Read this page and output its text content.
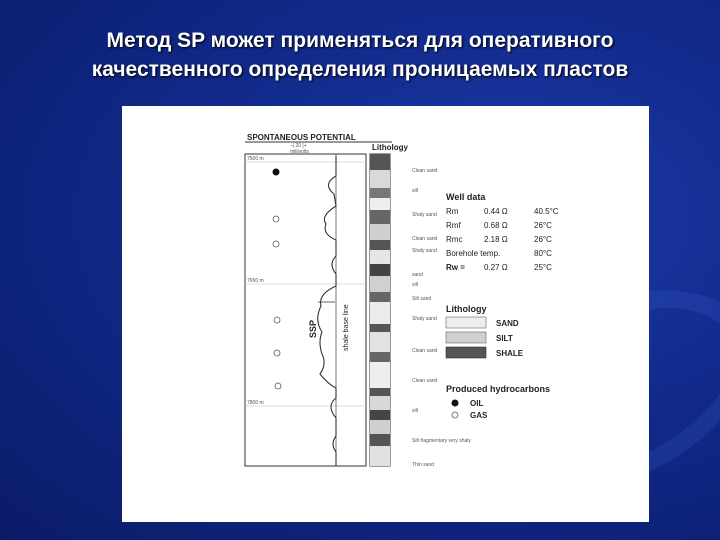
Метод SP может применяться для оперативного
качественного определения проницаемых пластов
SPONTANEOUS POTENTIAL
–| 20 |+
millivolts	Lithology
7500 m
7650 m
7800 m
shale base line
SSP
Clean sand
silt
Shaly sand
Clean sand
Shaly sand
sand
silt
Silt sand
Shaly sand
Clean sand
Clean sand
silt
Silt fragmentary very shaly
Thin sand
Well data
Rm	0.44 Ω	40.5°C
Rmf	0.68 Ω	26°C
Rmc	2.18 Ω	26°C
Borehole temp.	80°C
Rw = 0.27 Ω	25°C
Lithology
SAND
SILT
SHALE
Produced hydrocarbons
OIL
GAS
